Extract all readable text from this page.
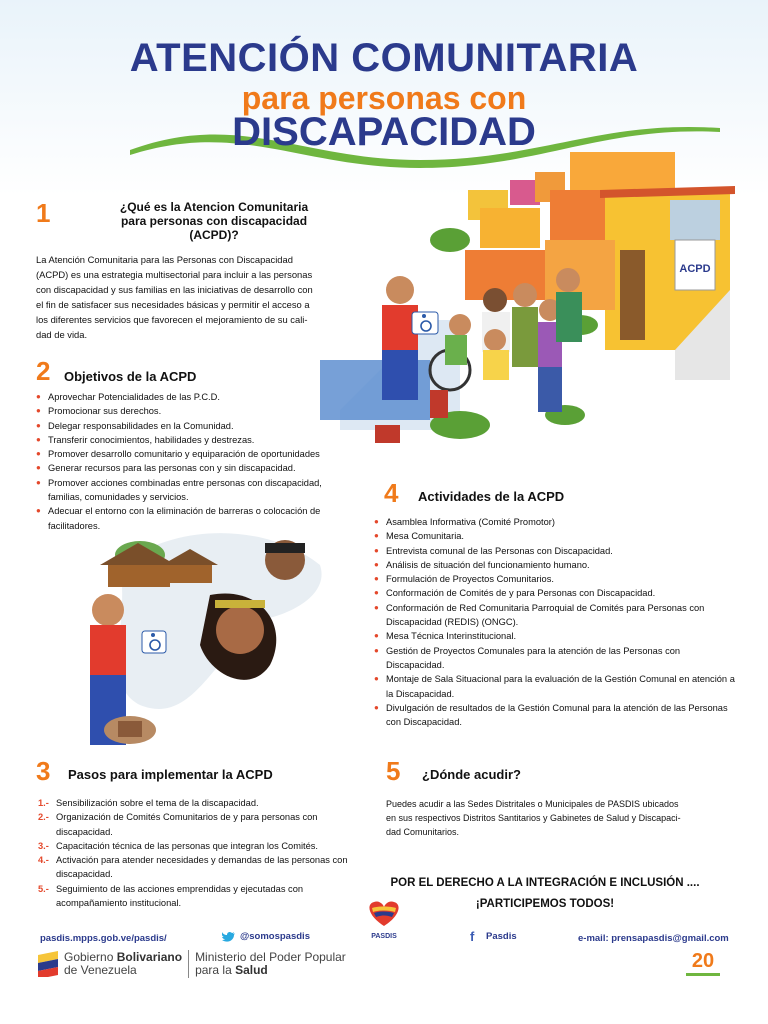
ATENCIÓN COMUNITARIA
para personas con
DISCAPACIDAD
ACPD
1	¿Qué es la Atencion Comunitaria
para personas con discapacidad
(ACPD)?
La Atención Comunitaria para las Personas con Discapacidad
(ACPD) es una estrategia multisectorial para incluir a las personas
con discapacidad y sus familias en las iniciativas de desarrollo con
el fin de satisfacer sus necesidades básicas y permitir el acceso a
los diferentes servicios que favorecen el mejoramiento de su cali-
dad de vida.
2 Objetivos de la ACPD
● Aprovechar Potencialidades de las P.C.D.
● Promocionar sus derechos.
● Delegar responsabilidades en la Comunidad.
● Transferir conocimientos, habilidades y destrezas.
● Promover desarrollo comunitario y equiparación de oportunidades
● Generar recursos para las personas con y sin discapacidad.
● Promover acciones combinadas entre personas con discapacidad, familias, comunidades y servicios.
● Adecuar el entorno con la eliminación de barreras o colocación de facilitadores.
4 Actividades de la ACPD
● Asamblea Informativa (Comité Promotor)
● Mesa Comunitaria.
● Entrevista comunal de las Personas con Discapacidad.
● Análisis de situación del funcionamiento humano.
● Formulación de Proyectos Comunitarios.
● Conformación de Comités de y para Personas con Discapacidad.
● Conformación de Red Comunitaria Parroquial de Comités para Personas con Discapacidad (REDIS) (ONGC).
● Mesa Técnica Interinstitucional.
● Gestión de Proyectos Comunales para la atención de las Personas con Discapacidad.
● Montaje de Sala Situacional para la evaluación de la Gestión Comunal en atención a la Discapacidad.
● Divulgación de resultados de la Gestión Comunal para la atención de las Personas con Discapacidad.
3 Pasos para implementar la ACPD
1.- Sensibilización sobre el tema de la discapacidad.
2.- Organización de Comités Comunitarios de y para personas con discapacidad.
3.- Capacitación técnica de las personas que integran los Comités.
4.- Activación para atender necesidades y demandas de las personas con discapacidad.
5.- Seguimiento de las acciones emprendidas y ejecutadas con acompañamiento institucional.
5 ¿Dónde acudir?
Puedes acudir a las Sedes Distritales o Municipales de PASDIS ubicados
en sus respectivos Distritos Santitarios y Gabinetes de Salud y Discapaci-
dad Comunitarios.
POR EL DERECHO A LA INTEGRACIÓN E INCLUSIÓN ....
¡PARTICIPEMOS TODOS!
PASDIS
pasdis.mpps.gob.ve/pasdis/	@somospasdis	f	Pasdis	e-mail: prensapasdis@gmail.com
Gobierno Bolivariano
de Venezuela
Ministerio del Poder Popular
para la Salud	20
